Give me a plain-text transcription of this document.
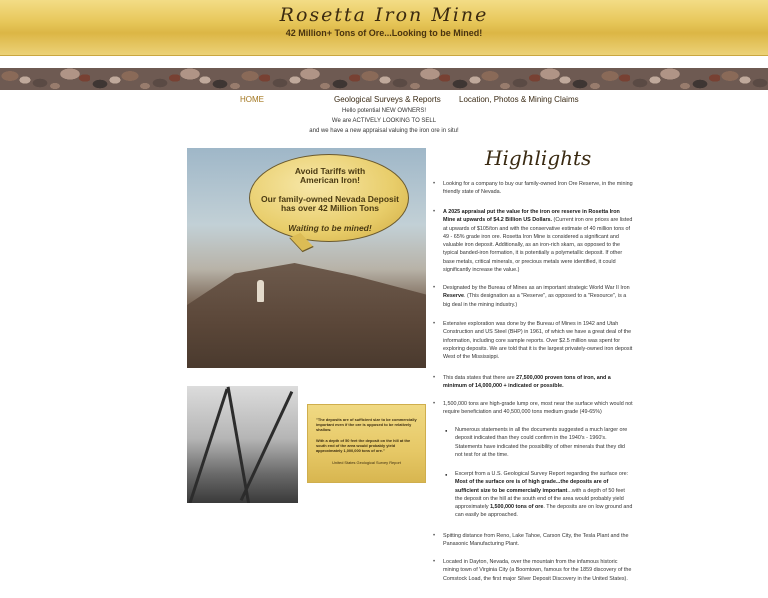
Rosetta Iron Mine
42 Million+ Tons of Ore...Looking to be Mined!
HOME	Geological Surveys & Reports Location, Photos & Mining Claims
Hello potential NEW OWNERS!
We are ACTIVELY LOOKING TO SELL
and we have a new appraisal valuing the iron ore in situ!
Avoid Tariffs with
American Iron!
Our family-owned Nevada Deposit
has over 42 Million Tons
Waiting to be mined!
"The deposits are of sufficient size to be commercially important even if the ore is opposed to be relatively shallow.
With a depth of 50 feet the deposit on the hill at the south end of the area would probably yield approximately 1,000,000 tons of ore."
United States Geological Survey Report
Highlights
• Looking for a company to buy our family-owned Iron Ore Reserve, in the mining friendly state of Nevada.
• A 2025 appraisal put the value for the iron ore reserve in Rosetta Iron Mine at upwards of $4.2 Billion US Dollars. (Current iron ore prices are listed at upwards of $105/ton and with the conservative estimate of 40 million tons of 49 - 65% grade iron ore. Rosetta Iron Mine is considered a significant and valuable iron deposit. Additionally, as an iron-rich skarn, as opposed to the typical banded-iron formation, it is potentially a polymetallic deposit. If other base metals, critical minerals, or precious metals were identified, it could significantly increase the value.)
• Designated by the Bureau of Mines as an important strategic World War II Iron Reserve. (This designation as a "Reserve", as opposed to a "Resource", is a big deal in the mining industry.)
• Extensive exploration was done by the Bureau of Mines in 1942 and Utah Construction and US Steel (BHP) in 1961, of which we have a great deal of the information, including core sample reports. Over $2.5 million was spent for exploring deposits. We are told that it is the largest privately-owned iron deposit West of the Mississippi.
• This data states that there are 27,500,000 proven tons of iron, and a minimum of 14,000,000 + indicated or possible.
• 1,500,000 tons are high-grade lump ore, most near the surface which would not require beneficiation and 40,500,000 tons medium grade (49-65%)
● Numerous statements in all the documents suggested a much larger ore deposit indicated than they could confirm in the 1940's - 1960's. Statements have indicated the possibility of other minerals that they did not test for at the time.
● Excerpt from a U.S. Geological Survey Report regarding the surface ore: Most of the surface ore is of high grade...the deposits are of sufficient size to be commercially important...with a depth of 50 feet the deposit on the hill at the south end of the area would probably yield approximately 1,500,000 tons of ore. The deposits are on low ground and can easily be approached.
• Spitting distance from Reno, Lake Tahoe, Carson City, the Tesla Plant and the Panasonic Manufacturing Plant.
• Located in Dayton, Nevada, over the mountain from the infamous historic mining town of Virginia City (a Boomtown, famous for the 1859 discovery of the Comstock Load, the first major Silver Deposit Discovery in the United States).
